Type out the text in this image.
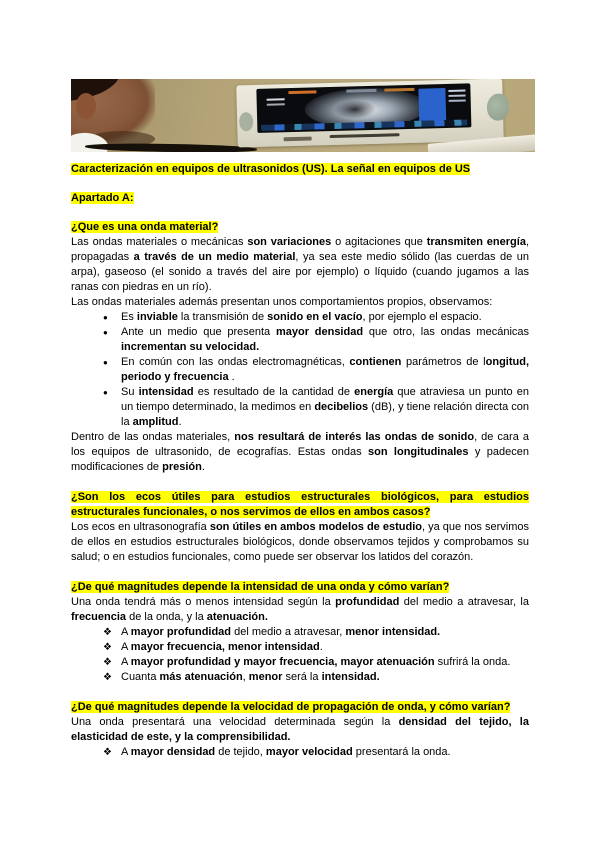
Caracterización en equipos de ultrasonidos (US). La señal en equipos de US
Apartado A:
¿Que es una onda material?

Las ondas materiales o mecánicas son variaciones o agitaciones que transmiten energía, propagadas a través de un medio material, ya sea este medio sólido (las cuerdas de un arpa), gaseoso (el sonido a través del aire por ejemplo) o líquido (cuando jugamos a las ranas con piedras en un río).

Las ondas materiales además presentan unos comportamientos propios, observamos:

●	Es inviable la transmisión de sonido en el vacío, por ejemplo el espacio.
●	Ante un medio que presenta mayor densidad que otro, las ondas mecánicas incrementan su velocidad.
●	En común con las ondas electromagnéticas, contienen parámetros de longitud, periodo y frecuencia .
●	Su intensidad es resultado de la cantidad de energía que atraviesa un punto en un tiempo determinado, la medimos en decibelios (dB), y tiene relación directa con la amplitud.

Dentro de las ondas materiales, nos resultará de interés las ondas de sonido, de cara a los equipos de ultrasonido, de ecografías. Estas ondas son longitudinales y padecen modificaciones de presión.

¿Son los ecos útiles para estudios estructurales biológicos, para estudios estructurales funcionales, o nos servimos de ellos en ambos casos?

Los ecos en ultrasonografía son útiles en ambos modelos de estudio, ya que nos servimos de ellos en estudios estructurales biológicos, donde observamos tejidos y comprobamos su salud; o en estudios funcionales, como puede ser observar los latidos del corazón.

¿De qué magnitudes depende la intensidad de una onda y cómo varían?

Una onda tendrá más o menos intensidad según la profundidad del medio a atravesar, la frecuencia de la onda, y la atenuación.

❖ A mayor profundidad del medio a atravesar, menor intensidad.
❖ A mayor frecuencia, menor intensidad.
❖ A mayor profundidad y mayor frecuencia, mayor atenuación sufrirá la onda.
❖ Cuanta más atenuación, menor será la intensidad.
¿De qué magnitudes depende la velocidad de propagación de onda, y cómo varían?

Una onda presentará una velocidad determinada según la densidad del tejido, la elasticidad de este, y la comprensibilidad.

❖ A mayor densidad de tejido, mayor velocidad presentará la onda.
